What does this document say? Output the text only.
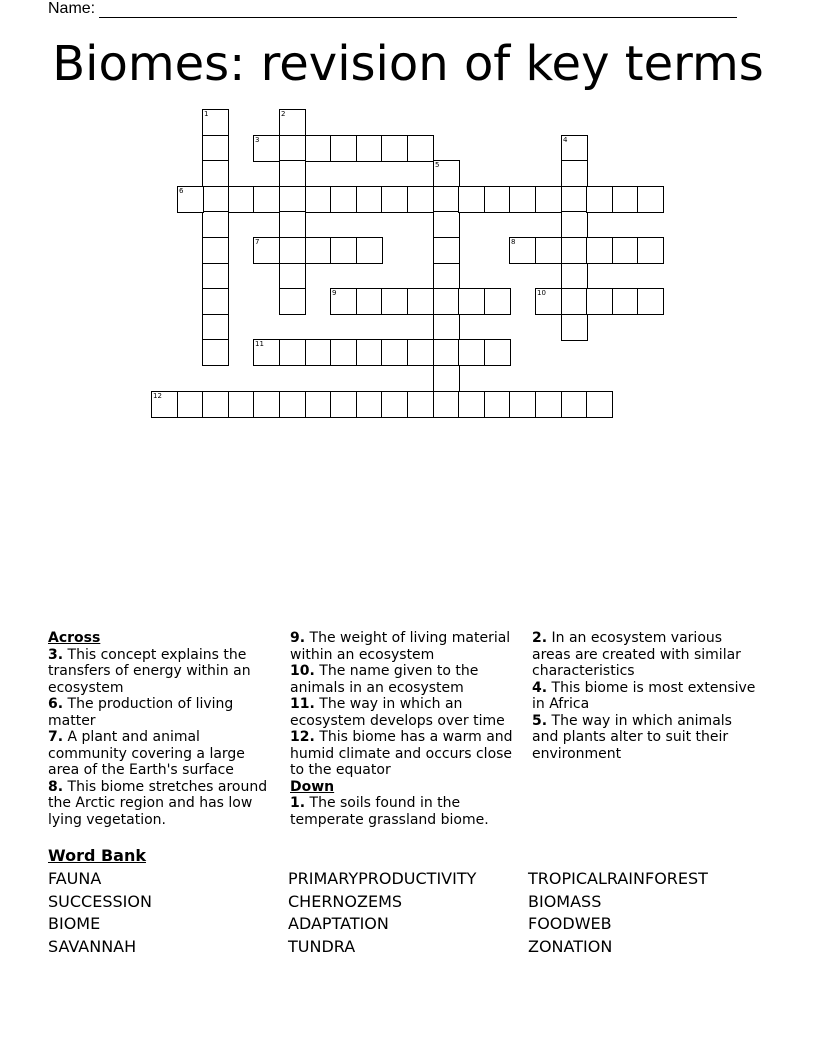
Name:
Biomes: revision of key terms
1	2
3	4
5
6
7	8
9	10
11
12
Across
3. This concept explains the transfers of energy within an ecosystem
6. The production of living matter
7. A plant and animal community covering a large area of the Earth's surface
8. This biome stretches around the Arctic region and has low lying vegetation.
9. The weight of living material within an ecosystem
10. The name given to the animals in an ecosystem
11. The way in which an ecosystem develops over time
12. This biome has a warm and humid climate and occurs close to the equator
Down
1. The soils found in the temperate grassland biome.
2. In an ecosystem various areas are created with similar characteristics
4. This biome is most extensive in Africa
5. The way in which animals and plants alter to suit their environment
Word Bank
FAUNA
SUCCESSION
BIOME
SAVANNAH
PRIMARYPRODUCTIVITY
CHERNOZEMS
ADAPTATION
TUNDRA
TROPICALRAINFOREST
BIOMASS
FOODWEB
ZONATION
